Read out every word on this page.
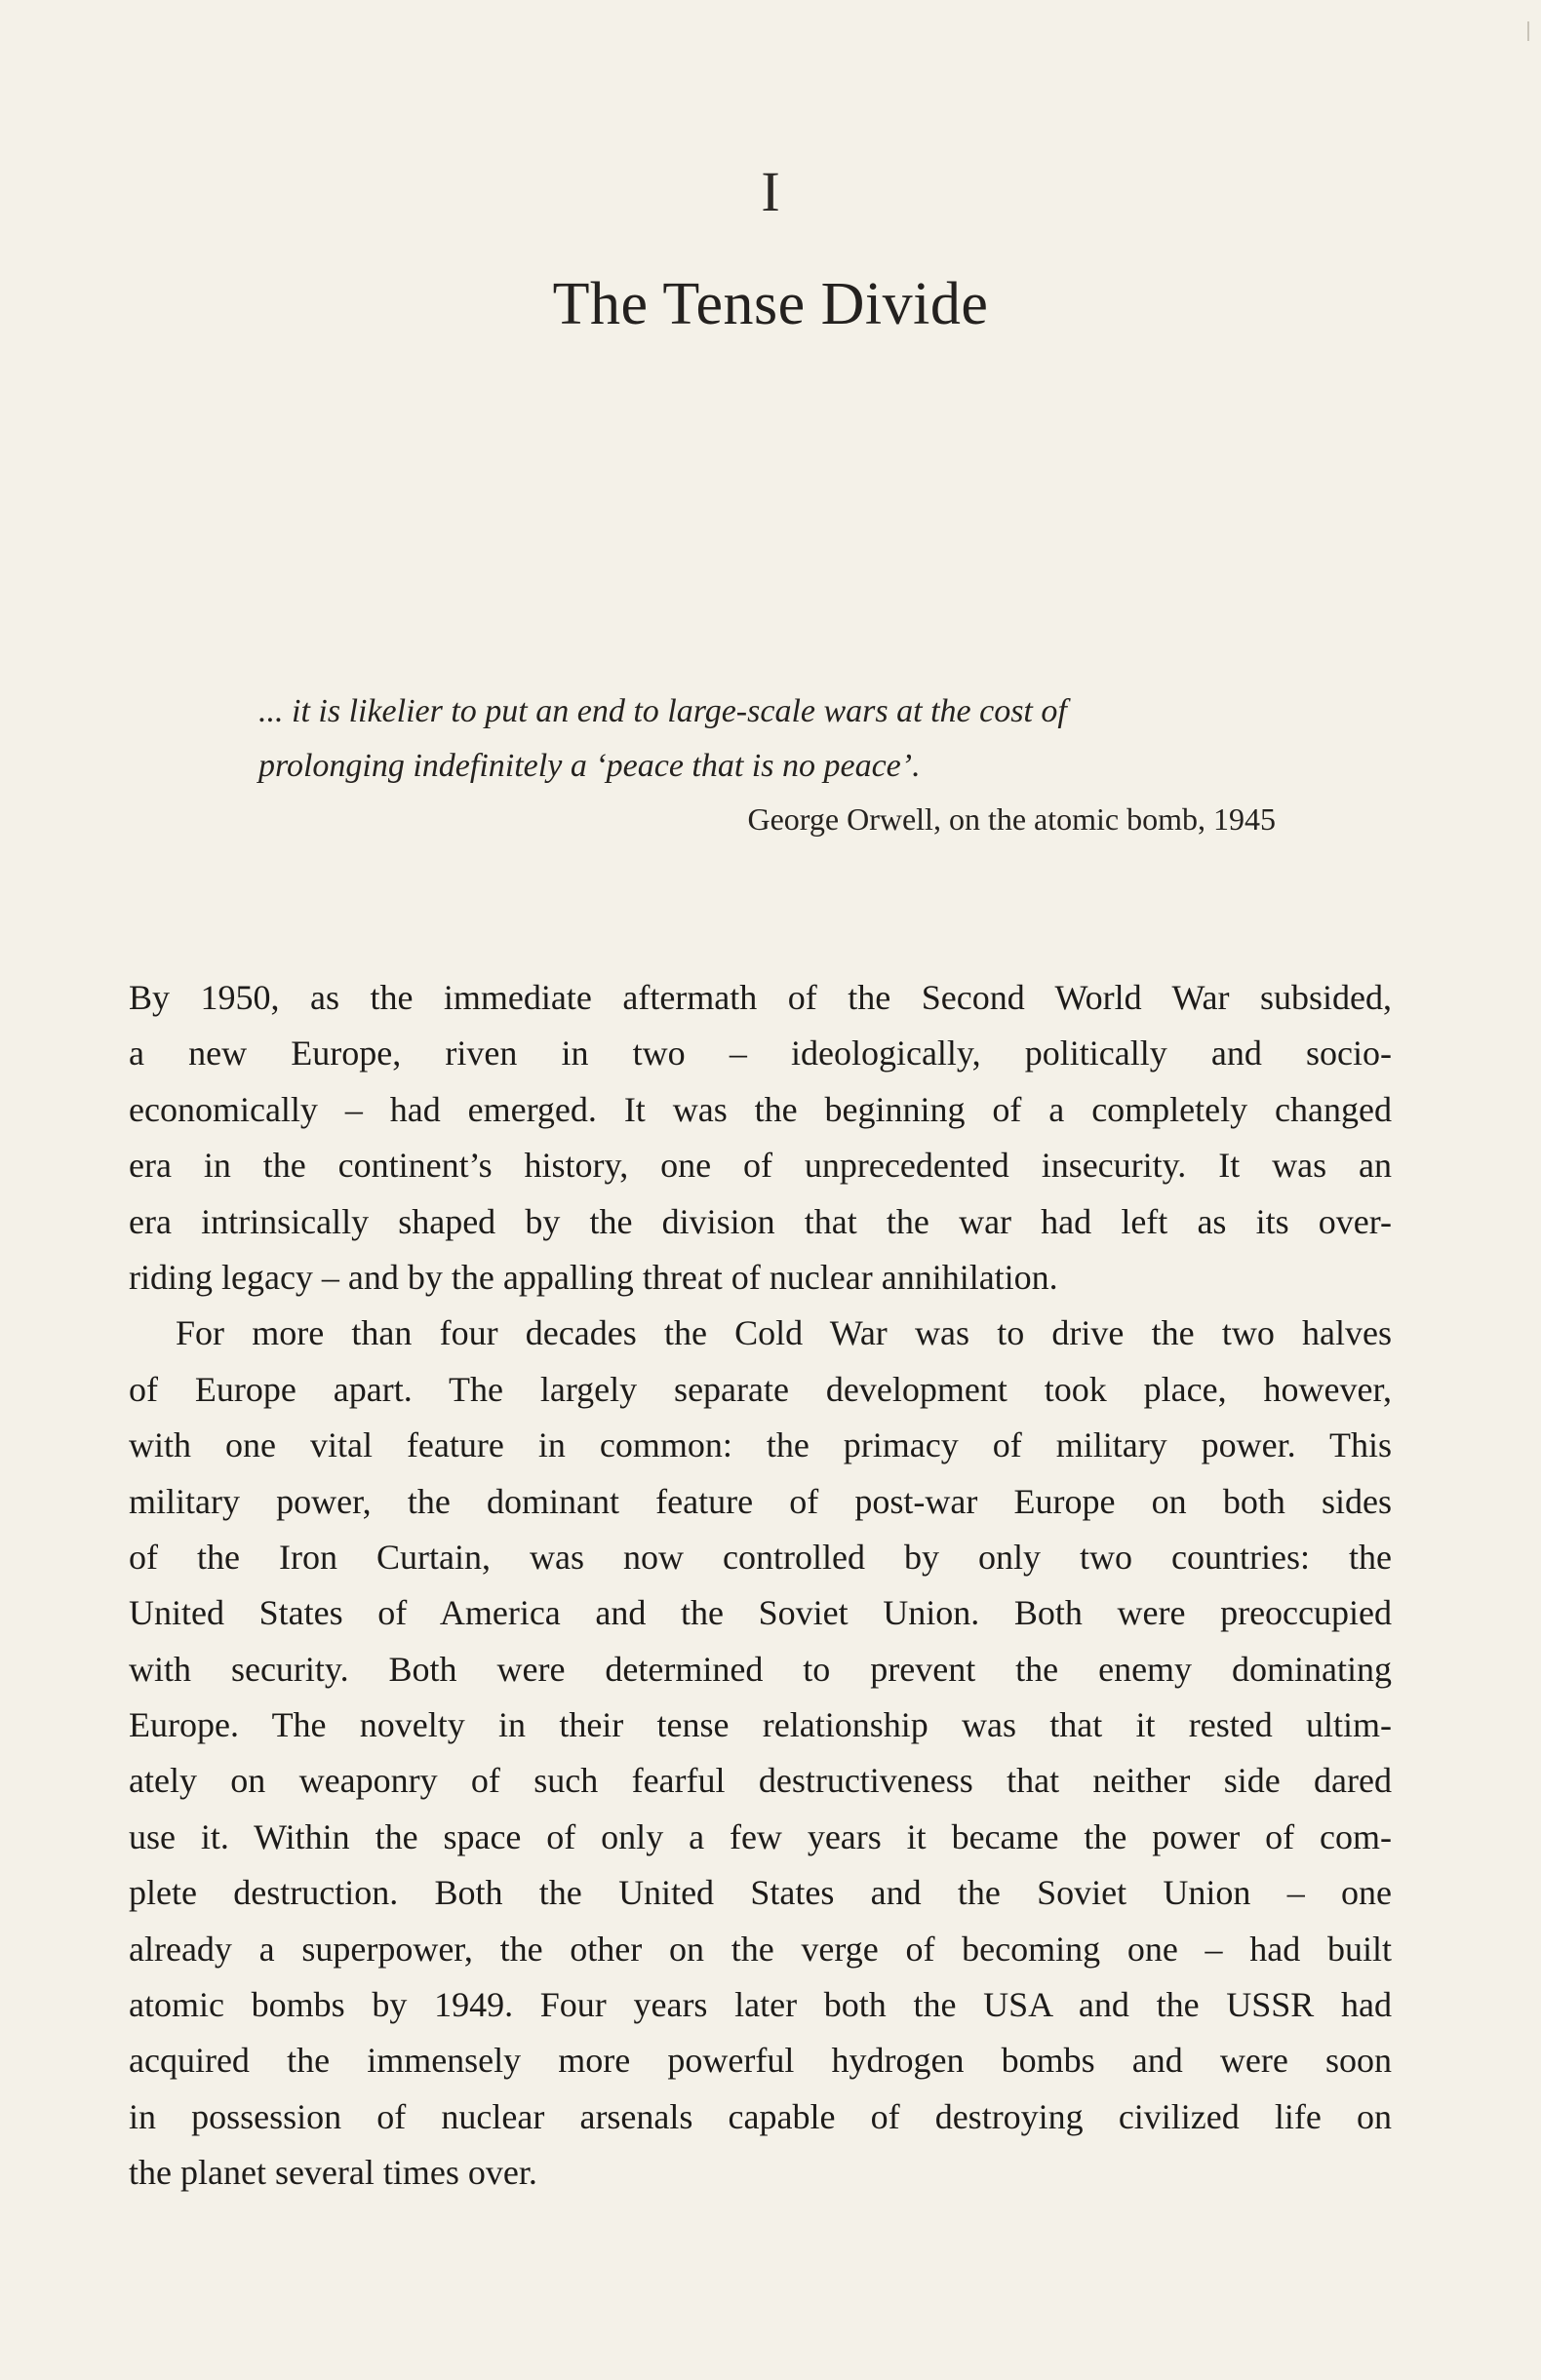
I
The Tense Divide
... it is likelier to put an end to large-scale wars at the cost of
prolonging indefinitely a ‘peace that is no peace’.
George Orwell, on the atomic bomb, 1945
By 1950, as the immediate aftermath of the Second World War subsided,
a new Europe, riven in two – ideologically, politically and socio-
economically – had emerged. It was the beginning of a completely changed
era in the continent’s history, one of unprecedented insecurity. It was an
era intrinsically shaped by the division that the war had left as its over-
riding legacy – and by the appalling threat of nuclear annihilation.
For more than four decades the Cold War was to drive the two halves
of Europe apart. The largely separate development took place, however,
with one vital feature in common: the primacy of military power. This
military power, the dominant feature of post-war Europe on both sides
of the Iron Curtain, was now controlled by only two countries: the
United States of America and the Soviet Union. Both were preoccupied
with security. Both were determined to prevent the enemy dominating
Europe. The novelty in their tense relationship was that it rested ultim-
ately on weaponry of such fearful destructiveness that neither side dared
use it. Within the space of only a few years it became the power of com-
plete destruction. Both the United States and the Soviet Union – one
already a superpower, the other on the verge of becoming one – had built
atomic bombs by 1949. Four years later both the USA and the USSR had
acquired the immensely more powerful hydrogen bombs and were soon
in possession of nuclear arsenals capable of destroying civilized life on
the planet several times over.
